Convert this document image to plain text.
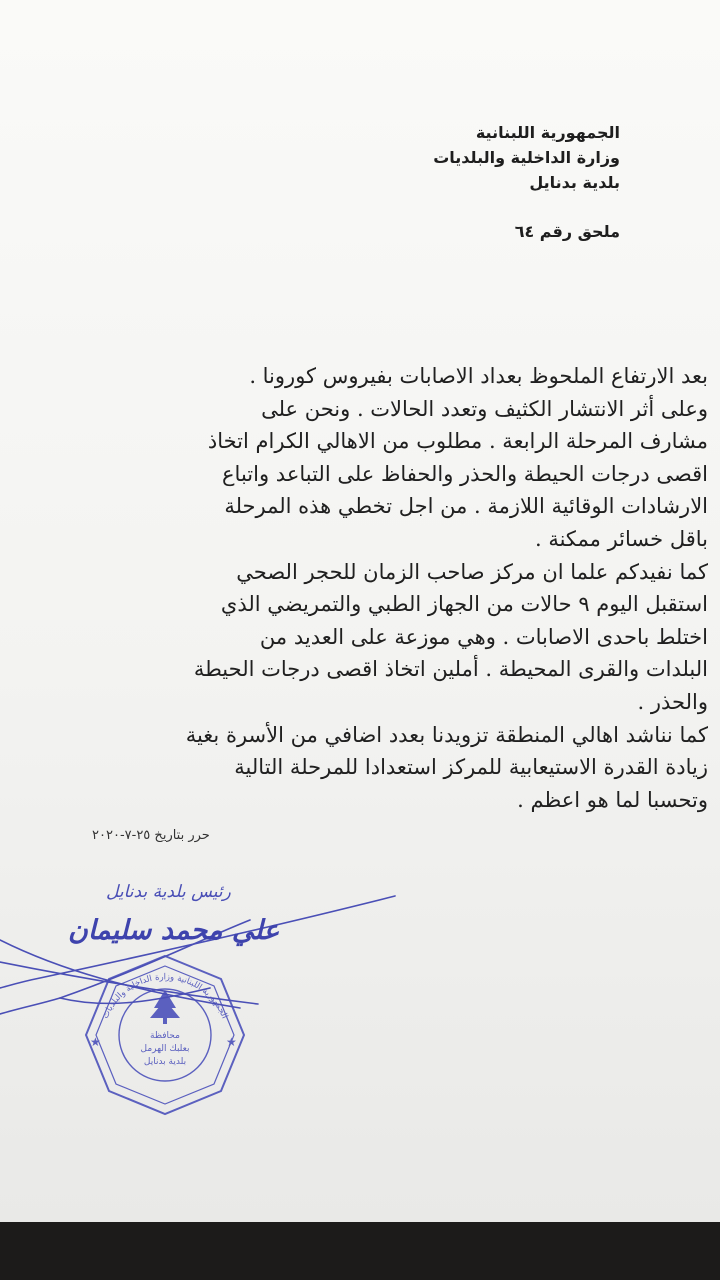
الجمهورية اللبنانية
وزارة الداخلية والبلديات
بلدية بدنايل
ملحق رقم ٦٤

بعد الارتفاع الملحوظ بعداد الاصابات بفيروس كورونا .

وعلى أثر الانتشار الكثيف وتعدد الحالات . ونحن على

مشارف المرحلة الرابعة . مطلوب من الاهالي الكرام اتخاذ

اقصى درجات الحيطة والحذر والحفاظ على التباعد واتباع

الارشادات الوقائية اللازمة . من اجل تخطي هذه المرحلة

باقل خسائر ممكنة .

كما نفيدكم علما ان مركز صاحب الزمان للحجر الصحي

استقبل اليوم ٩ حالات من الجهاز الطبي والتمريضي الذي

اختلط باحدى الاصابات . وهي موزعة على العديد من

البلدات والقرى المحيطة . أملين اتخاذ اقصى درجات الحيطة

والحذر .

كما نناشد اهالي المنطقة تزويدنا بعدد اضافي من الأسرة بغية

زيادة القدرة الاستيعابية للمركز استعدادا للمرحلة التالية

وتحسبا لما هو اعظم .

حرر بتاريخ ٢٥-٧-٢٠٢٠
محافظة
بعلبك الهرمل
بلدية بدنايل
الجمهورية اللبنانية وزارة الداخلية والبلديات
★	★
رئيس بلدية بدنايل
علي محمد سليمان
